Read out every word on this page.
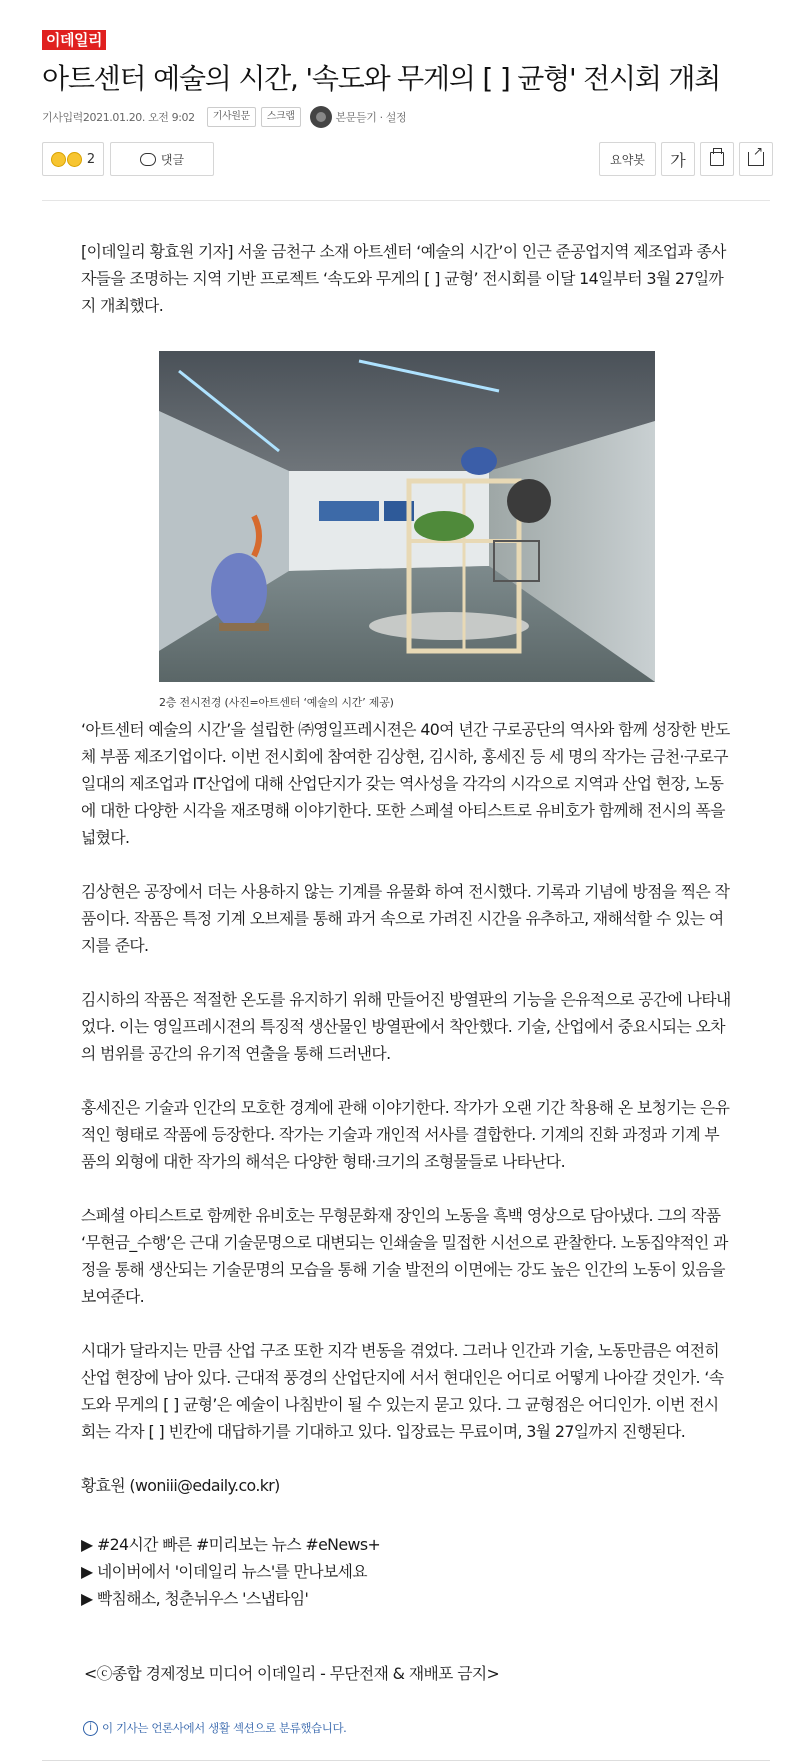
이데일리
아트센터 예술의 시간, '속도와 무게의 [ ] 균형' 전시회 개최
기사입력2021.01.20. 오전 9:02	기사원문	스크랩	본문듣기 · 설정
2	댓글	요약봇	가
↗

[이데일리 황효원 기자] 서울 금천구 소재 아트센터 ‘예술의 시간’이 인근 준공업지역 제조업과 종사자들을 조명하는 지역 기반 프로젝트 ‘속도와 무게의 [ ] 균형’ 전시회를 이달 14일부터 3월 27일까지 개최했다.

2층 전시전경 (사진=아트센터 ‘예술의 시간’ 제공)

‘아트센터 예술의 시간’을 설립한 ㈜영일프레시젼은 40여 년간 구로공단의 역사와 함께 성장한 반도체 부품 제조기업이다. 이번 전시회에 참여한 김상현, 김시하, 홍세진 등 세 명의 작가는 금천·구로구 일대의 제조업과 IT산업에 대해 산업단지가 갖는 역사성을 각각의 시각으로 지역과 산업 현장, 노동에 대한 다양한 시각을 재조명해 이야기한다. 또한 스페셜 아티스트로 유비호가 함께해 전시의 폭을 넓혔다.

김상현은 공장에서 더는 사용하지 않는 기계를 유물화 하여 전시했다. 기록과 기념에 방점을 찍은 작품이다. 작품은 특정 기계 오브제를 통해 과거 속으로 가려진 시간을 유추하고, 재해석할 수 있는 여지를 준다.

김시하의 작품은 적절한 온도를 유지하기 위해 만들어진 방열판의 기능을 은유적으로 공간에 나타내었다. 이는 영일프레시젼의 특징적 생산물인 방열판에서 착안했다. 기술, 산업에서 중요시되는 오차의 범위를 공간의 유기적 연출을 통해 드러낸다.

홍세진은 기술과 인간의 모호한 경계에 관해 이야기한다. 작가가 오랜 기간 착용해 온 보청기는 은유적인 형태로 작품에 등장한다. 작가는 기술과 개인적 서사를 결합한다. 기계의 진화 과정과 기계 부품의 외형에 대한 작가의 해석은 다양한 형태·크기의 조형물들로 나타난다.

스페셜 아티스트로 함께한 유비호는 무형문화재 장인의 노동을 흑백 영상으로 담아냈다. 그의 작품 ‘무현금_수행’은 근대 기술문명으로 대변되는 인쇄술을 밀접한 시선으로 관찰한다. 노동집약적인 과정을 통해 생산되는 기술문명의 모습을 통해 기술 발전의 이면에는 강도 높은 인간의 노동이 있음을 보여준다.

시대가 달라지는 만큼 산업 구조 또한 지각 변동을 겪었다. 그러나 인간과 기술, 노동만큼은 여전히 산업 현장에 남아 있다. 근대적 풍경의 산업단지에 서서 현대인은 어디로 어떻게 나아갈 것인가. ‘속도와 무게의 [ ] 균형’은 예술이 나침반이 될 수 있는지 묻고 있다. 그 균형점은 어디인가. 이번 전시회는 각자 [ ] 빈칸에 대답하기를 기대하고 있다. 입장료는 무료이며, 3월 27일까지 진행된다.

황효원 (woniii@edaily.co.kr)

▶ #24시간 빠른 #미리보는 뉴스 #eNews+
▶ 네이버에서 '이데일리 뉴스'를 만나보세요
▶ 빡침해소, 청춘뉘우스 '스냅타임'
<ⓒ종합 경제정보 미디어 이데일리 - 무단전재 & 재배포 금지>
i 이 기사는 언론사에서 생활 섹션으로 분류했습니다.
